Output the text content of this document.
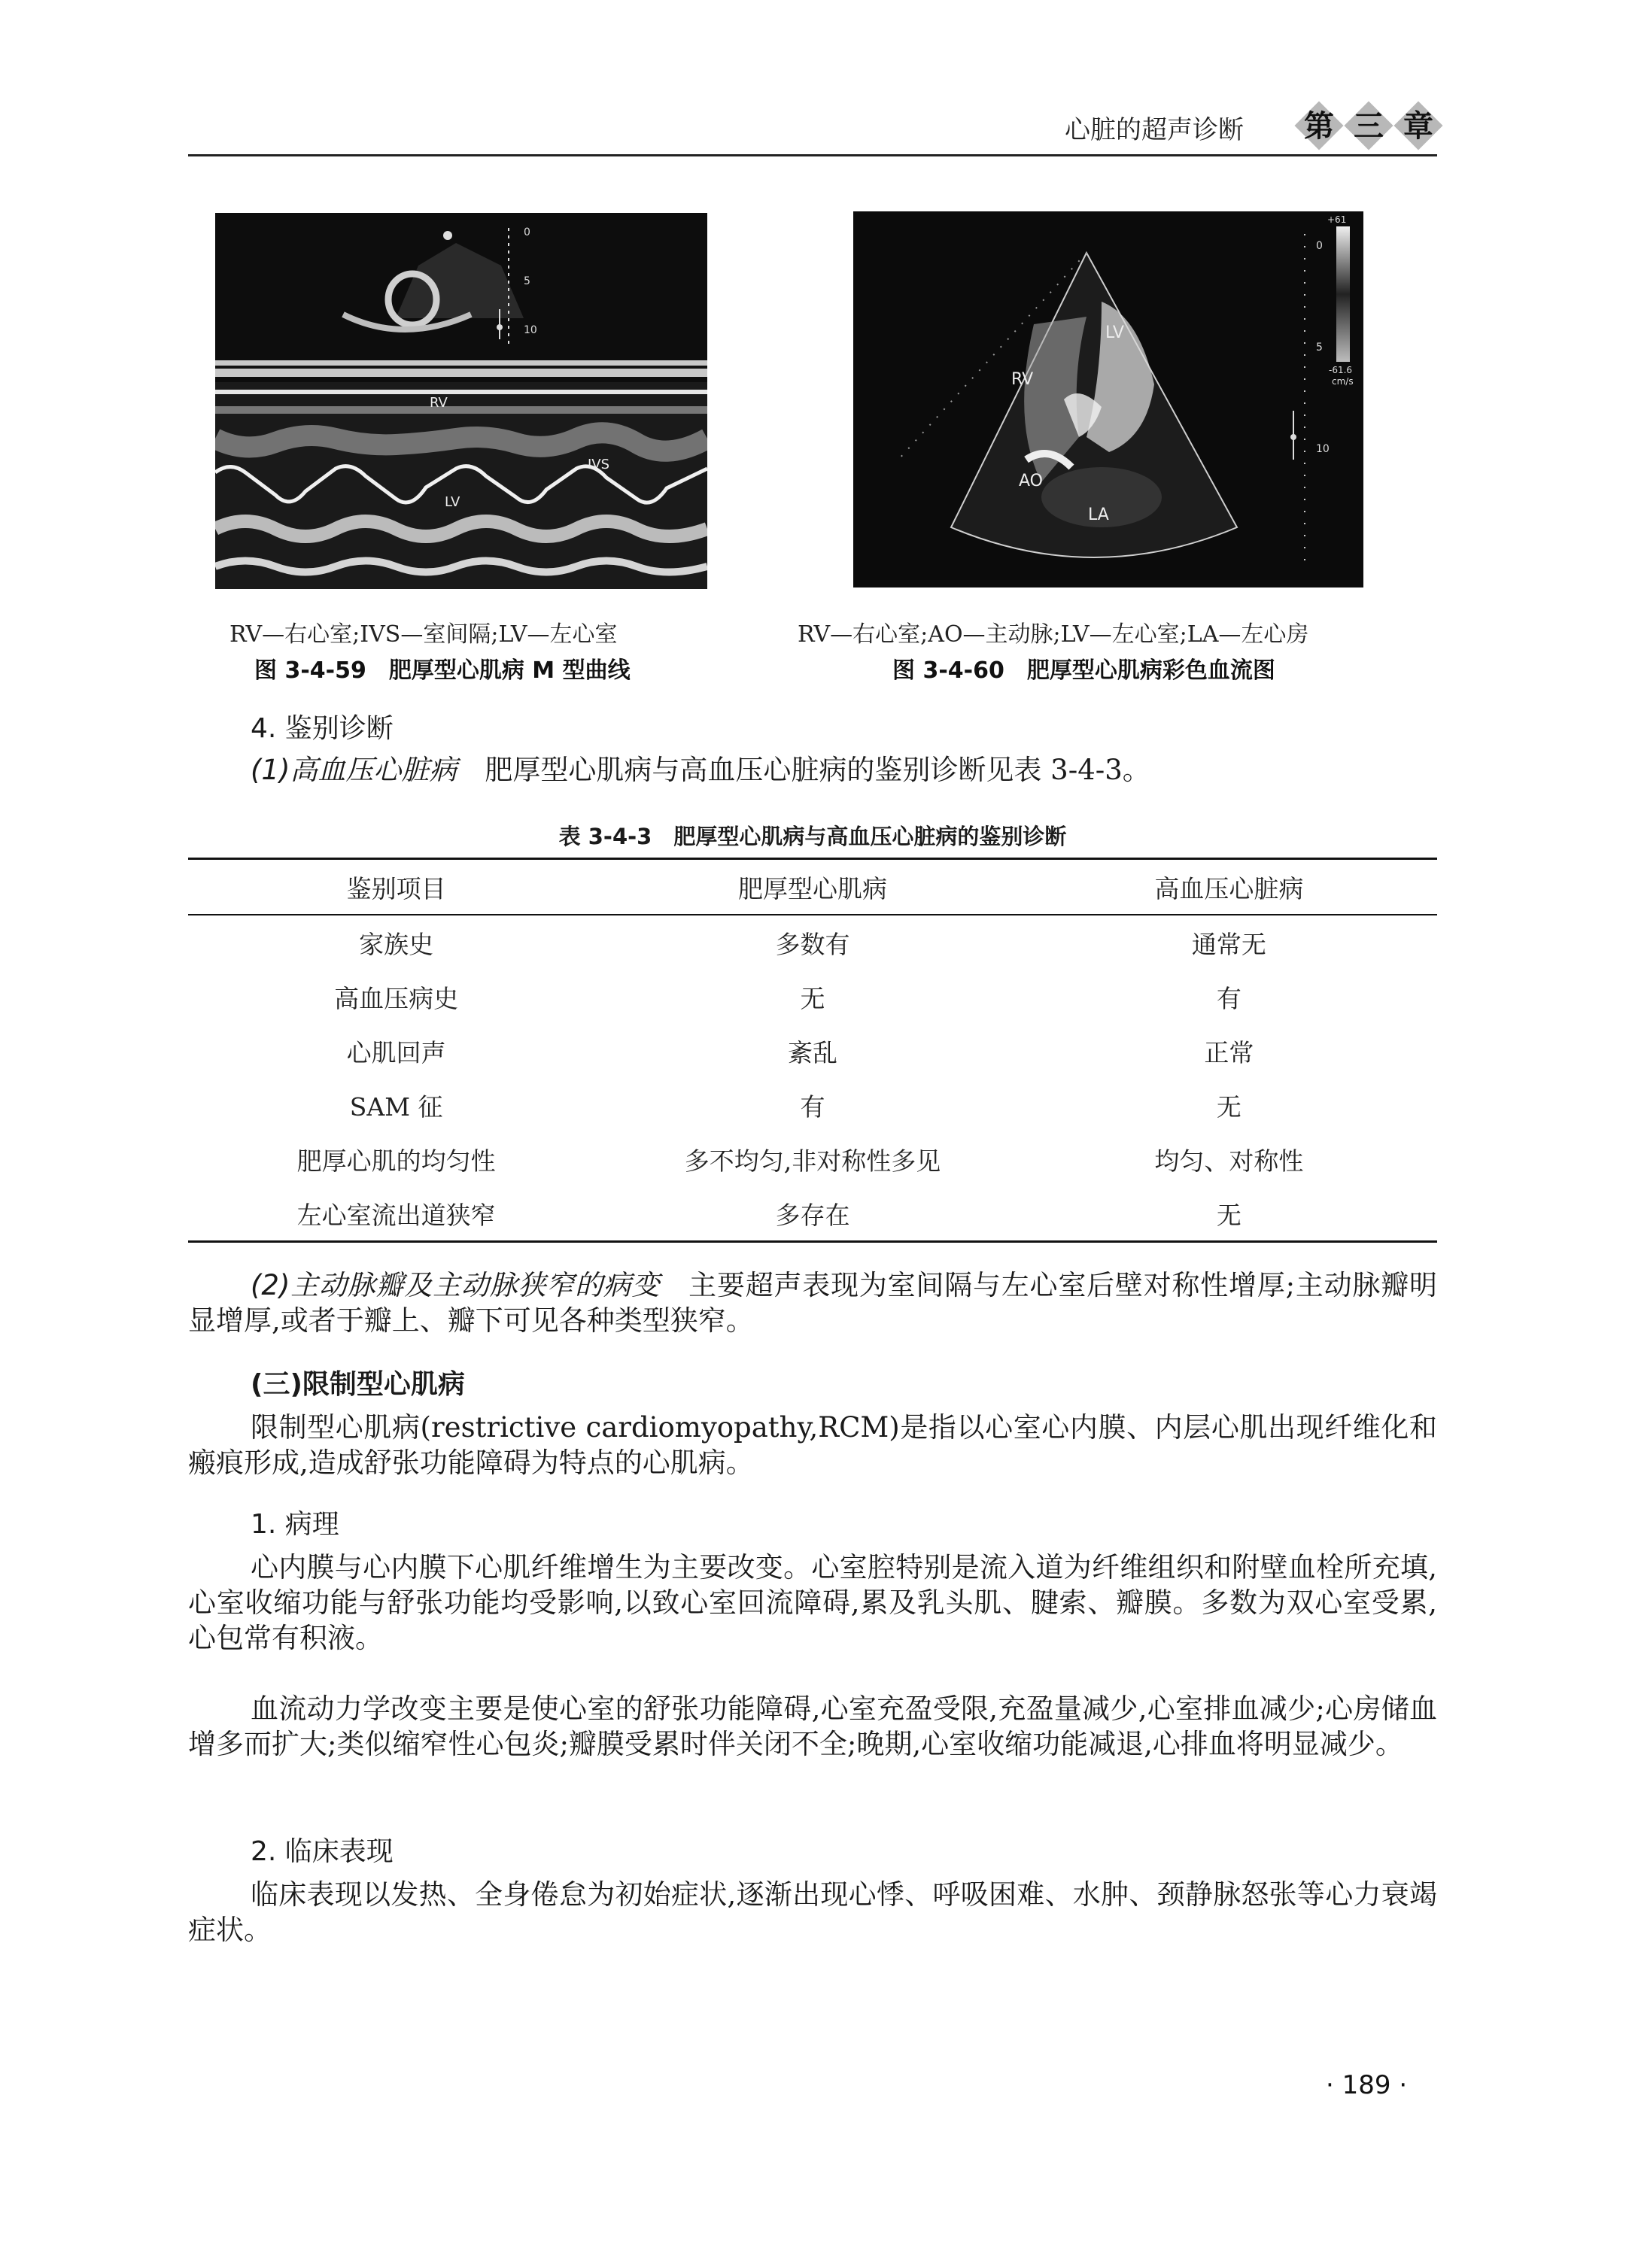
心脏的超声诊断	第 三 章
0
5
10
RV
IVS
LV
RV—右心室;IVS—室间隔;LV—左心室
图 3-4-59　肥厚型心肌病 M 型曲线
RV
LV
AO
LA
0
5
10
+61
-61.6
cm/s
RV—右心室;AO—主动脉;LV—左心室;LA—左心房
图 3-4-60　肥厚型心肌病彩色血流图
4. 鉴别诊断
(1)高血压心脏病　肥厚型心肌病与高血压心脏病的鉴别诊断见表 3-4-3。
表 3-4-3　肥厚型心肌病与高血压心脏病的鉴别诊断
鉴别项目	肥厚型心肌病	高血压心脏病
家族史	多数有	通常无
高血压病史	无	有
心肌回声	紊乱	正常
SAM 征	有	无
肥厚心肌的均匀性	多不均匀,非对称性多见	均匀、对称性
左心室流出道狭窄	多存在	无
(2)主动脉瓣及主动脉狭窄的病变　主要超声表现为室间隔与左心室后壁对称性增厚;主动脉瓣明显增厚,或者于瓣上、瓣下可见各种类型狭窄。
(三)限制型心肌病
限制型心肌病(restrictive cardiomyopathy,RCM)是指以心室心内膜、内层心肌出现纤维化和瘢痕形成,造成舒张功能障碍为特点的心肌病。
1. 病理
心内膜与心内膜下心肌纤维增生为主要改变。心室腔特别是流入道为纤维组织和附壁血栓所充填,心室收缩功能与舒张功能均受影响,以致心室回流障碍,累及乳头肌、腱索、瓣膜。多数为双心室受累,心包常有积液。
血流动力学改变主要是使心室的舒张功能障碍,心室充盈受限,充盈量减少,心室排血减少;心房储血增多而扩大;类似缩窄性心包炎;瓣膜受累时伴关闭不全;晚期,心室收缩功能减退,心排血将明显减少。
2. 临床表现
临床表现以发热、全身倦怠为初始症状,逐渐出现心悸、呼吸困难、水肿、颈静脉怒张等心力衰竭症状。
· 189 ·
